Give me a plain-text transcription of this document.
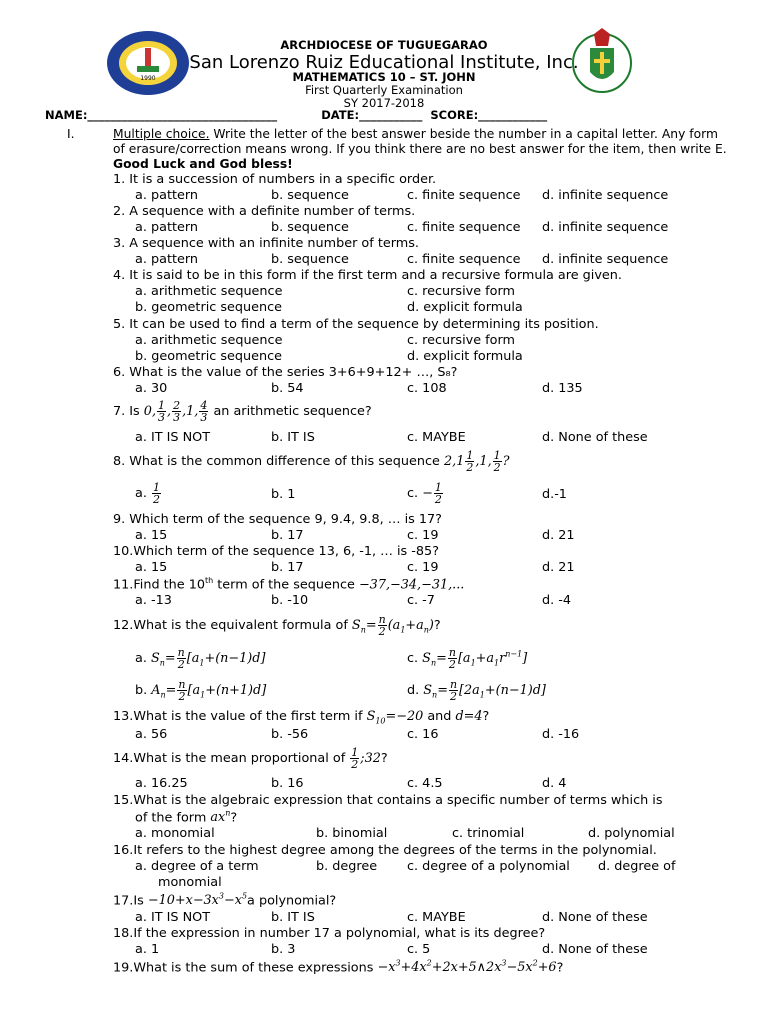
1990
ARCHDIOCESE OF TUGUEGARAO
San Lorenzo Ruiz Educational Institute, Inc.
MATHEMATICS 10 – ST. JOHN
First Quarterly Examination
SY 2017-2018
NAME:_________________________________	DATE:___________ SCORE:____________
I.	Multiple choice. Write the letter of the best answer beside the number in a capital letter. Any form of erasure/correction means wrong. If you think there are no best answer for the item, then write E. Good Luck and God bless!
1. It is a succession of numbers in a specific order.
a. pattern	b. sequence	c. finite sequence d. infinite sequence
2. A sequence with a definite number of terms.
a. pattern	b. sequence	c. finite sequence d. infinite sequence
3. A sequence with an infinite number of terms.
a. pattern	b. sequence	c. finite sequence d. infinite sequence
4. It is said to be in this form if the first term and a recursive formula are given.
a. arithmetic sequence	c. recursive form
b. geometric sequence	d. explicit formula
5. It can be used to find a term of the sequence by determining its position.
a. arithmetic sequence	c. recursive form
b. geometric sequence	d. explicit formula
6. What is the value of the series 3+6+9+12+ …, S₈?
a. 30	b. 54	c. 108	d. 135
7. Is 0, $\frac{1}{3}$ , $\frac{2}{3} ,1$, $\frac{4}{3}$ an arithmetic sequence?
a. IT IS NOT	b. IT IS	c. MAYBE	d. None of these
8. What is the common difference of this sequence $2,1 \frac{1}{2} ,1$, $\frac{1}{2}$ ?
a. $\frac{1}{2}$	b. 1	c. − $\frac{1}{2}$	d.-1
9. Which term of the sequence 9, 9.4, 9.8, … is 17?
a. 15	b. 17	c. 19	d. 21
10.Which term of the sequence 13, 6, -1, … is -85?
a. 15	b. 17	c. 19	d. 21
11.Find the 10th term of the sequence −37,−34,−31,...
a. -13	b. -10	c. -7	d. -4
12.What is the equivalent formula of $S_n= \frac{n}{2} (a_1+a_n)$?
a. $S_n= \frac{n}{2} [a_1+(n-1)d]$	c. $S_n= \frac{n}{2} [a_1+a_1r^{n-1}]$
b. $A_n= \frac{n}{2} [a_1+(n+1)d]$	d. $S_n= \frac{n}{2} [2a_1+(n-1)d]$
13.What is the value of the first term if $S_{10}=-20$ and d=4?
a. 56	b. -56	c. 16	d. -16
14.What is the mean proportional of $\frac{1}{2}$ ;32?
a. 16.25	b. 16	c. 4.5	d. 4
15.What is the algebraic expression that contains a specific number of terms which is
of the form $ax^n$?
a. monomial	b. binomial	c. trinomial	d. polynomial
16.It refers to the highest degree among the degrees of the terms in the polynomial.
a. degree of a term	b. degree c. degree of a polynomial d. degree of
monomial
$17.Is -10+x-3x^3-x^5a$ polynomial?
a. IT IS NOT	b. IT IS	c. MAYBE	d. None of these
18.If the expression in number 17 a polynomial, what is its degree?
a. 1	b. 3	c. 5	d. None of these
19.What is the sum of these expressions $-x^3+4x^2+2x+5\wedge 2x^3-5x^2+6$?
